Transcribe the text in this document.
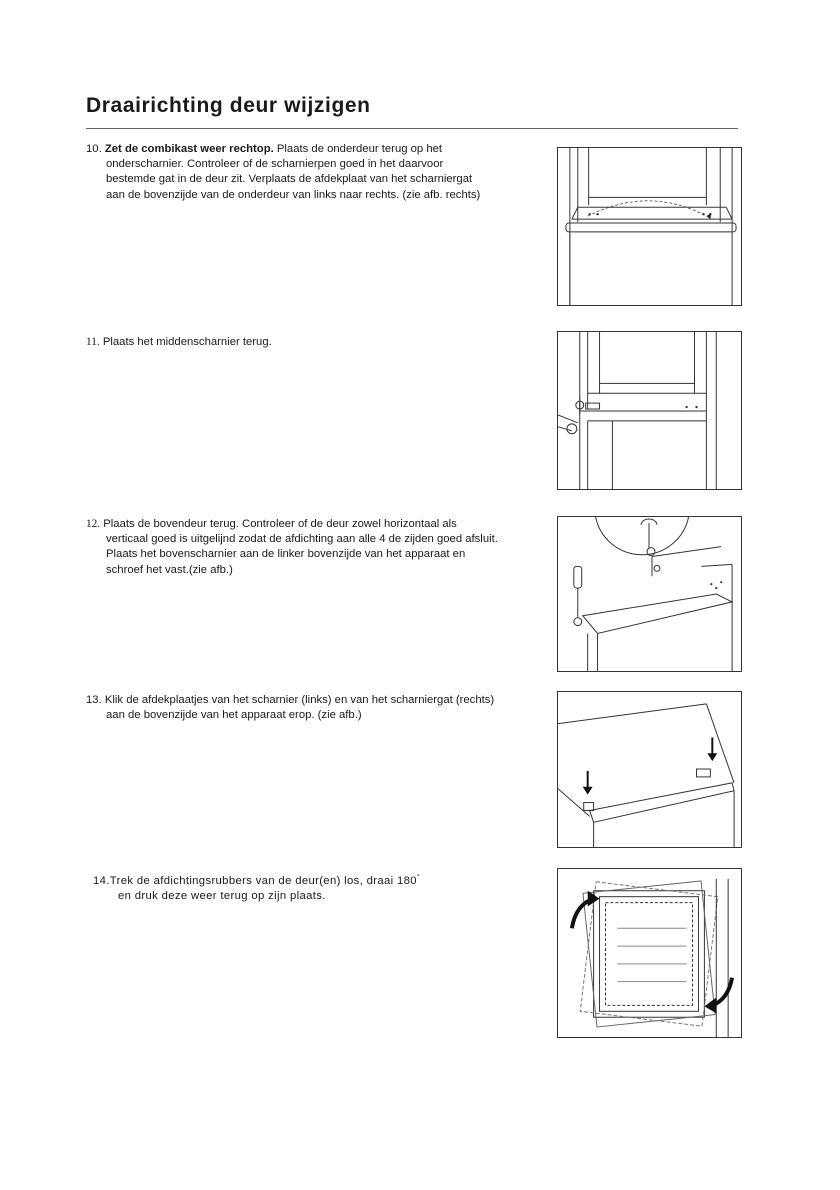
Draairichting deur wijzigen

10. Zet de combikast weer rechtop. Plaats de onderdeur terug op het

onderscharnier. Controleer of de scharnierpen goed in het daarvoor
bestemde gat in de deur zit. Verplaats de afdekplaat van het scharniergat
aan de bovenzijde van de onderdeur van links naar rechts. (zie afb. rechts)

11. Plaats het middenscharnier terug.

12. Plaats de bovendeur terug. Controleer of de deur zowel horizontaal als

verticaal goed is uitgelijnd zodat de afdichting aan alle 4 de zijden goed afsluit.
Plaats het bovenscharnier aan de linker bovenzijde van het apparaat en
schroef het vast.(zie afb.)

13. Klik de afdekplaatjes van het scharnier (links) en van het scharniergat (rechts)

aan de bovenzijde van het apparaat erop. (zie afb.)

14.Trek de afdichtingsrubbers van de deur(en) los, draai 180°

en druk deze weer terug op zijn plaats.
